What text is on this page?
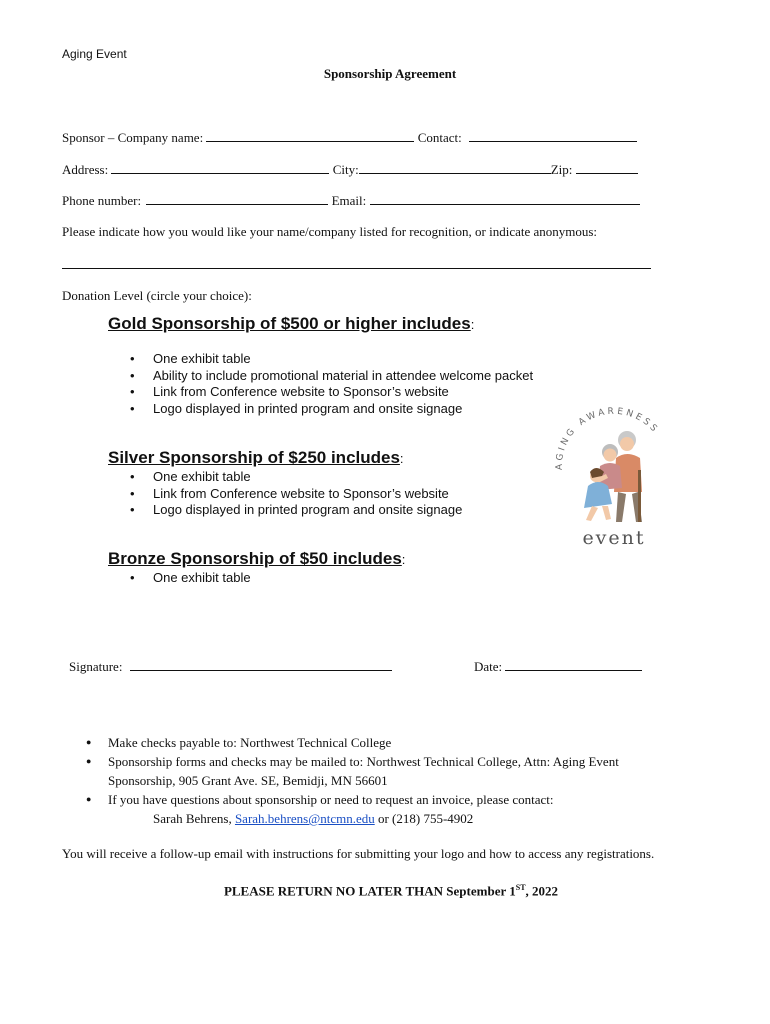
Aging Event
Sponsorship Agreement
Sponsor – Company name:	Contact:
Address:	City:	Zip:
Phone number:	Email:
Please indicate how you would like your name/company listed for recognition, or indicate anonymous:
Donation Level (circle your choice):
Gold Sponsorship of $500 or higher includes:
• One exhibit table
• Ability to include promotional material in attendee welcome packet
• Link from Conference website to Sponsor’s website
• Logo displayed in printed program and onsite signage
Silver Sponsorship of $250 includes:
• One exhibit table
• Link from Conference website to Sponsor’s website
• Logo displayed in printed program and onsite signage
Bronze Sponsorship of $50 includes:
• One exhibit table
AGING AWARENESS
event
Signature:	Date:
● Make checks payable to: Northwest Technical College
● Sponsorship forms and checks may be mailed to: Northwest Technical College, Attn: Aging Event
Sponsorship, 905 Grant Ave. SE, Bemidji, MN 56601
● If you have questions about sponsorship or need to request an invoice, please contact:
Sarah Behrens, Sarah.behrens@ntcmn.edu or (218) 755-4902
You will receive a follow-up email with instructions for submitting your logo and how to access any registrations.
PLEASE RETURN NO LATER THAN September 1ST, 2022
